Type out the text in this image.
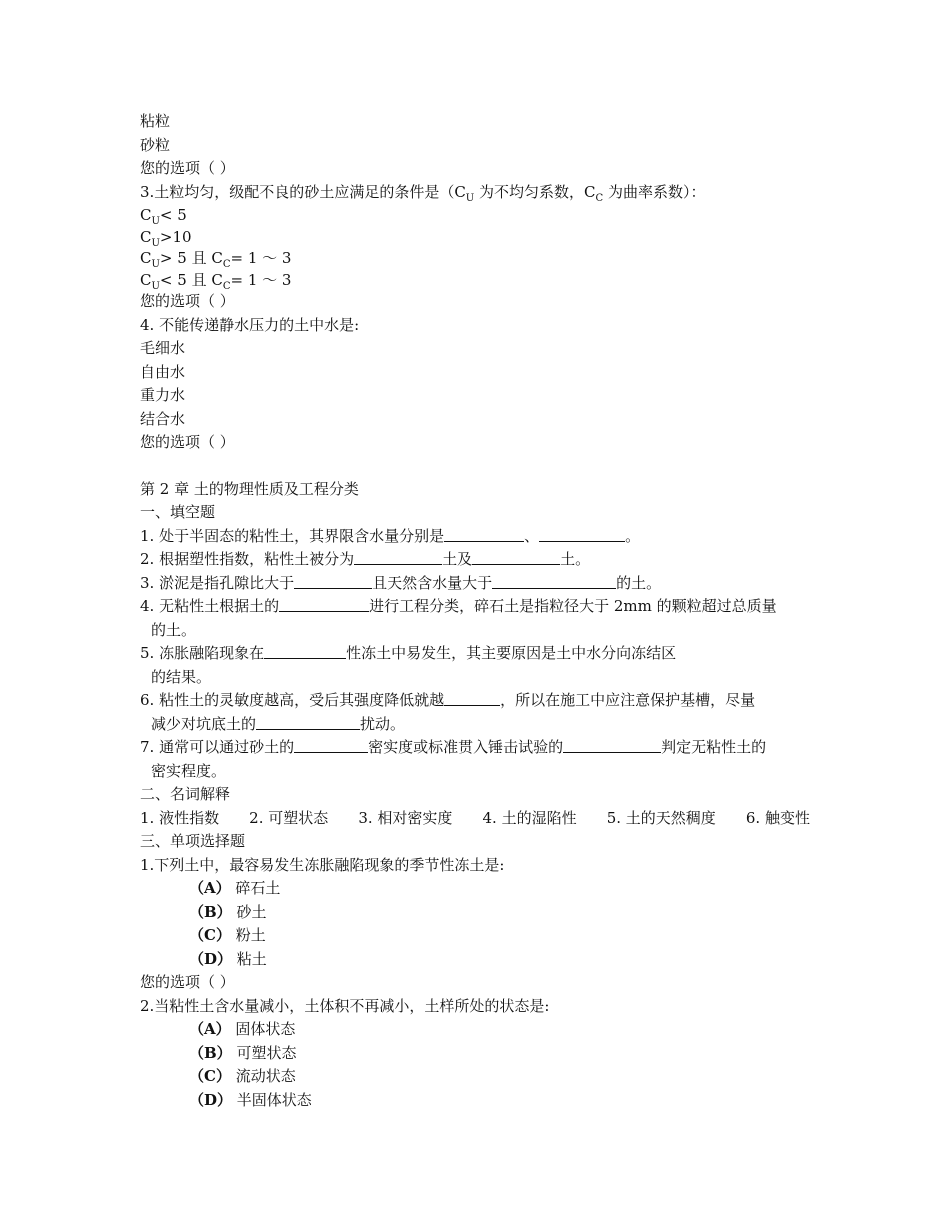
粘粒
砂粒
您的选项（ ）
3.土粒均匀，级配不良的砂土应满足的条件是（$C_U$ 为不均匀系数，$C_C$ 为曲率系数）：
$C_U< 5$
$C_U>10$
$C_U> 5$ 且 $C_C= 1$ ～ 3
$C_U< 5$ 且 $C_C= 1$ ～ 3
您的选项（ ）
4. 不能传递静水压力的土中水是:
毛细水
自由水
重力水
结合水
您的选项（ ）
第 2 章 土的物理性质及工程分类
一、填空题
1. 处于半固态的粘性土，其界限含水量分别是	、	。
2. 根据塑性指数，粘性土被分为	土及	土。
3. 淤泥是指孔隙比大于	且天然含水量大于	的土。
4. 无粘性土根据土的	进行工程分类，碎石土是指粒径大于 2mm 的颗粒超过总质量
的土。
5. 冻胀融陷现象在	性冻土中易发生，其主要原因是土中水分向冻结区
的结果。
6. 粘性土的灵敏度越高，受后其强度降低就越	，所以在施工中应注意保护基槽，尽量
减少对坑底土的	扰动。
7. 通常可以通过砂土的	密实度或标准贯入锤击试验的	判定无粘性土的
密实程度。
二、名词解释
1. 液性指数 2. 可塑状态 3. 相对密实度 4. 土的湿陷性 5. 土的天然稠度 6. 触变性
三、单项选择题
1.下列土中，最容易发生冻胀融陷现象的季节性冻土是:
（A） 碎石土
（B） 砂土
（C） 粉土
（D） 粘土
您的选项（ ）
2.当粘性土含水量减小，土体积不再减小，土样所处的状态是:
（A） 固体状态
（B） 可塑状态
（C） 流动状态
（D） 半固体状态
